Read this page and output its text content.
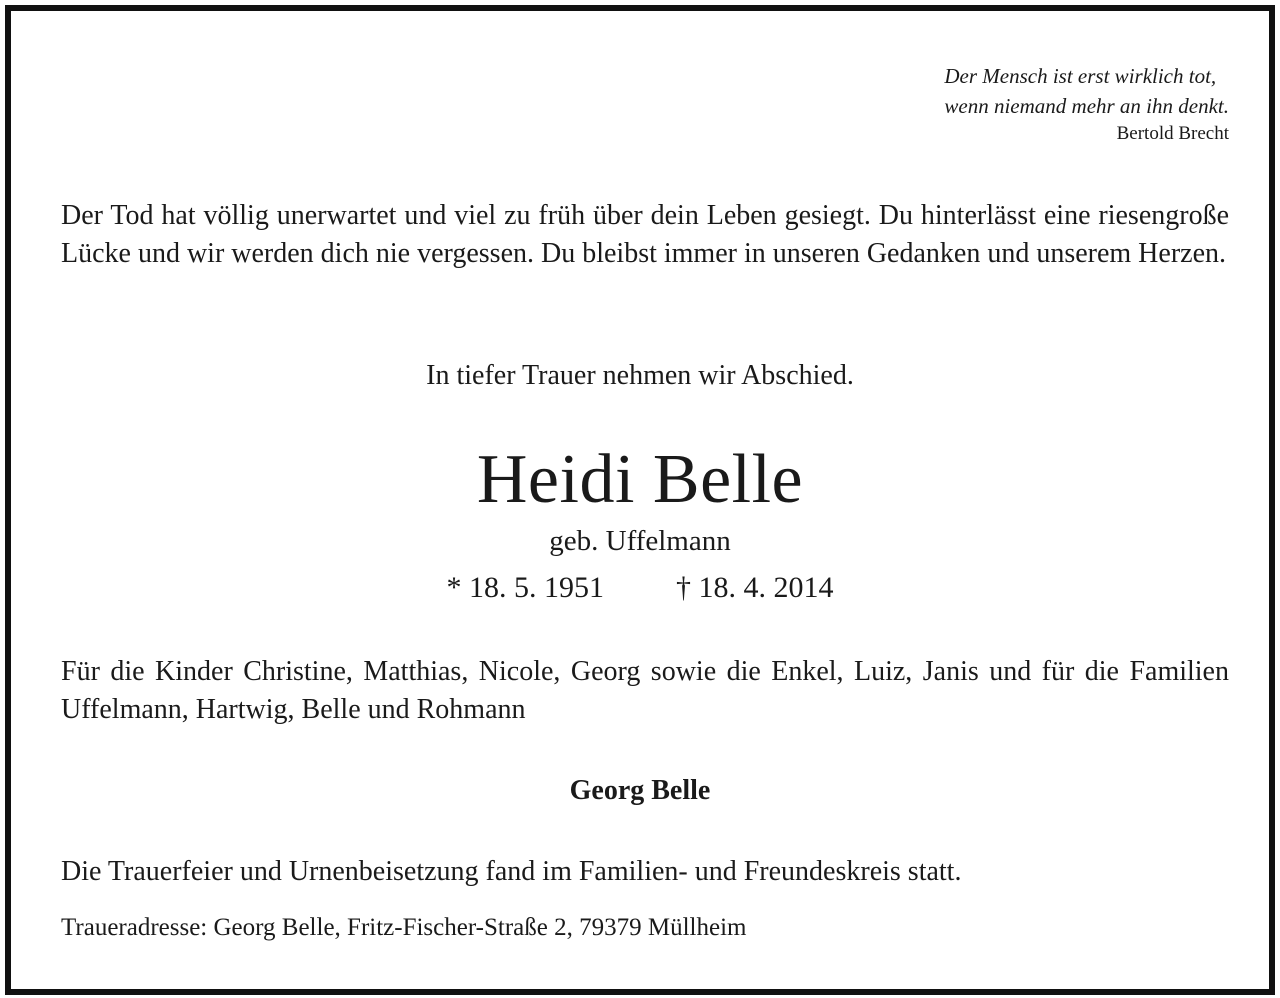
Der Mensch ist erst wirklich tot,
wenn niemand mehr an ihn denkt.
Bertold Brecht
Der Tod hat völlig unerwartet und viel zu früh über dein Leben gesiegt. Du hinterlässt eine riesengroße Lücke und wir werden dich nie vergessen. Du bleibst immer in unseren Gedanken und unserem Herzen.
In tiefer Trauer nehmen wir Abschied.
Heidi Belle
geb. Uffelmann
* 18. 5. 1951 † 18. 4. 2014
Für die Kinder Christine, Matthias, Nicole, Georg sowie die Enkel, Luiz, Janis und für die Familien Uffelmann, Hartwig, Belle und Rohmann
Georg Belle
Die Trauerfeier und Urnenbeisetzung fand im Familien- und Freundeskreis statt.
Traueradresse: Georg Belle, Fritz-Fischer-Straße 2, 79379 Müllheim
